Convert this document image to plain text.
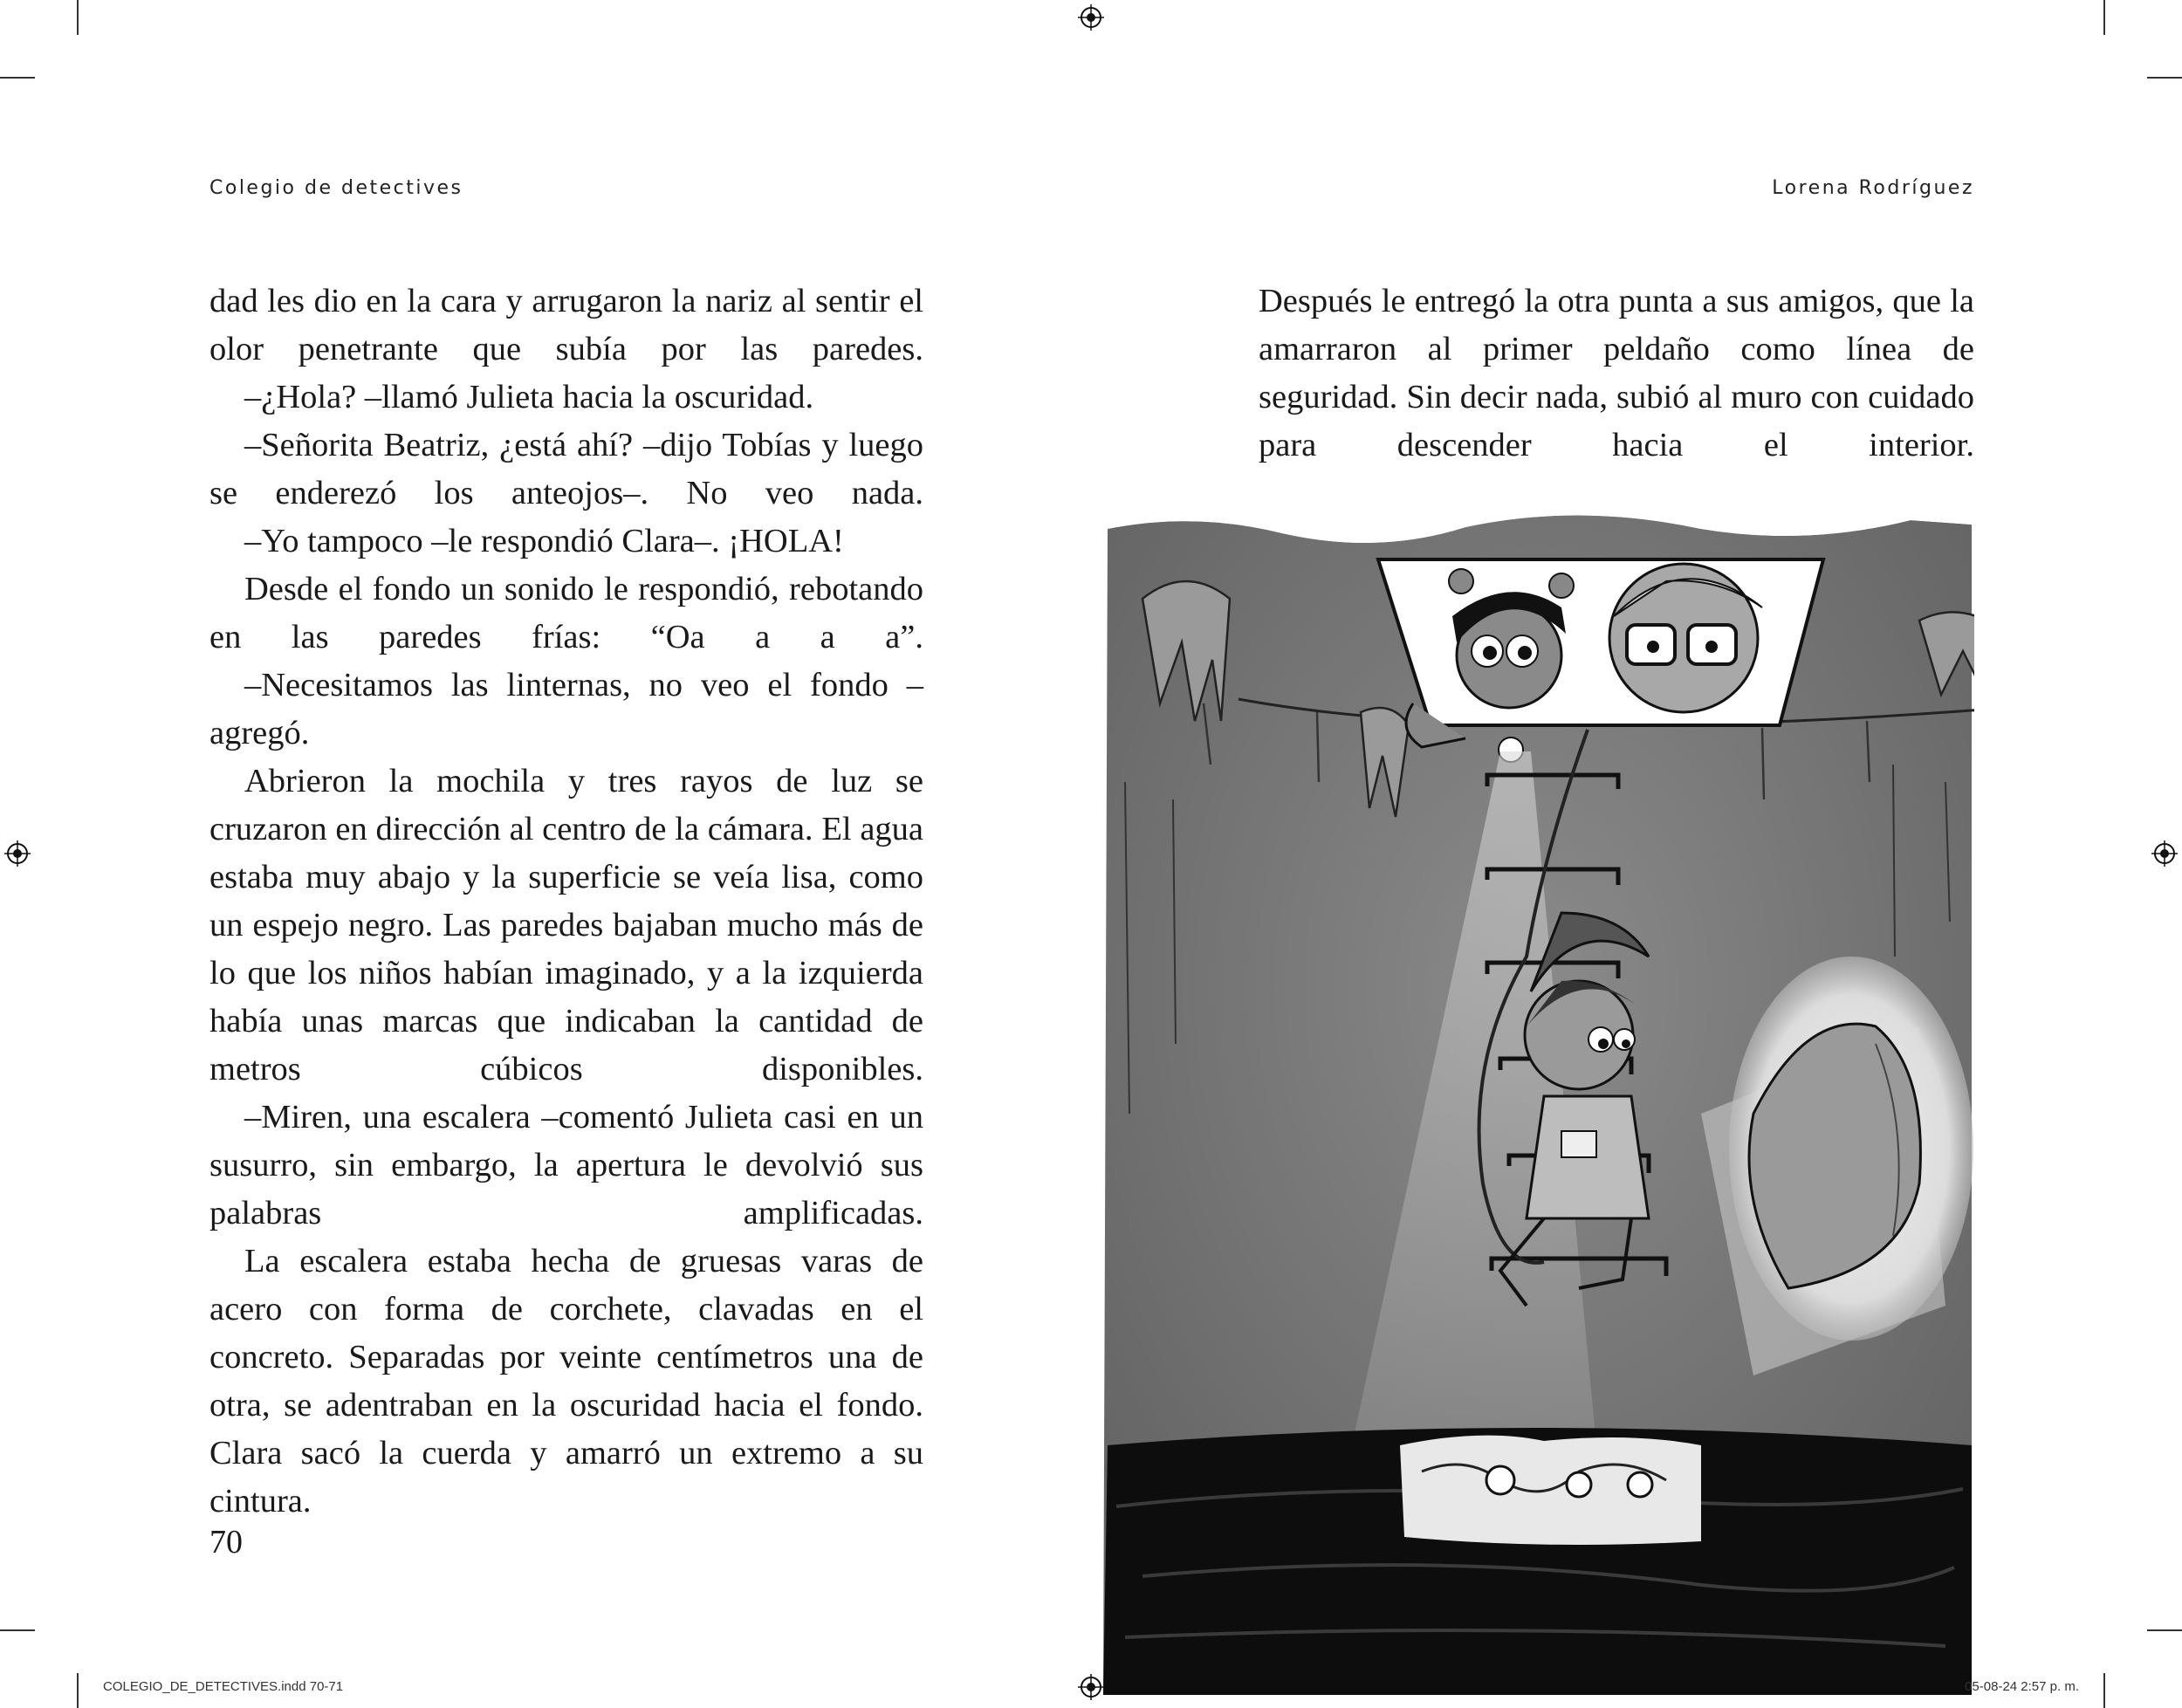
Colegio de detectives	Lorena Rodríguez

dad les dio en la cara y arrugaron la nariz al sentir el olor penetrante que subía por las paredes.

–¿Hola? –llamó Julieta hacia la oscuridad.

–Señorita Beatriz, ¿está ahí? –dijo Tobías y luego se enderezó los anteojos–. No veo nada.

–Yo tampoco –le respondió Clara–. ¡HOLA!

Desde el fondo un sonido le respondió, rebotando en las paredes frías: “Oa a a a”.

–Necesitamos las linternas, no veo el fondo –agregó.

Abrieron la mochila y tres rayos de luz se cruzaron en dirección al centro de la cámara. El agua estaba muy abajo y la superficie se veía lisa, como un espejo negro. Las paredes bajaban mucho más de lo que los niños habían imaginado, y a la izquierda había unas marcas que indicaban la cantidad de metros cúbicos disponibles.

–Miren, una escalera –comentó Julieta casi en un susurro, sin embargo, la apertura le devolvió sus palabras amplificadas.

La escalera estaba hecha de gruesas varas de acero con forma de corchete, clavadas en el concreto. Separadas por veinte centímetros una de otra, se adentraban en la oscuridad hacia el fondo. Clara sacó la cuerda y amarró un extremo a su cintura.

70

Después le entregó la otra punta a sus amigos, que la amarraron al primer peldaño como línea de seguridad. Sin decir nada, subió al muro con cuidado para descender hacia el interior.

COLEGIO_DE_DETECTIVES.indd 70-71	05-08-24 2:57 p. m.
